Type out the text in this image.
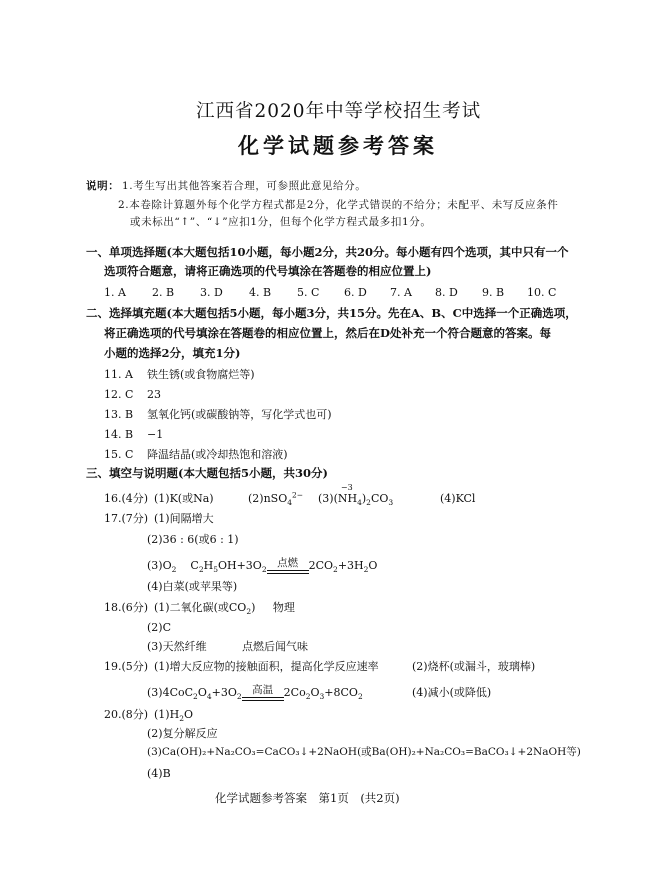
江西省2020年中等学校招生考试
化学试题参考答案
说明： 1.考生写出其他答案若合理，可参照此意见给分。
2.本卷除计算题外每个化学方程式都是2分，化学式错误的不给分；未配平、未写反应条件
或未标出“↑”、“↓”应扣1分，但每个化学方程式最多扣1分。
一、单项选择题(本大题包括10小题，每小题2分，共20分。每小题有四个选项，其中只有一个
选项符合题意，请将正确选项的代号填涂在答题卷的相应位置上)
1. A 2. B 3. D 4. B 5. C 6. D 7. A 8. D 9. B 10. C
二、选择填充题(本大题包括5小题，每小题3分，共15分。先在A、B、C中选择一个正确选项，
将正确选项的代号填涂在答题卷的相应位置上，然后在D处补充一个符合题意的答案。每
小题的选择2分，填充1分)
11. A 铁生锈(或食物腐烂等)
12. C 23
13. B 氢氧化钙(或碳酸钠等，写化学式也可)
14. B −1
15. C 降温结晶(或冷却热饱和溶液)
三、填空与说明题(本大题包括5小题，共30分)
16.(4分) (1)K(或Na)	(2)nSO$_4^{2-}$ (3)(
−3
$NH_4)_2CO_3$	(4)KCl
17.(7分) (1)间隔增大
(2)36 : 6(或6 : 1)
$(3)O_2$ $C_2H_5OH+3O_2$
点燃 $2CO_2+3H_2O$
(4)白菜(或苹果等)
18.(6分) (1)二氧化碳(或$CO_2$) 物理
(2)C
(3)天然纤维	点燃后闻气味
19.(5分) (1)增大反应物的接触面积，提高化学反应速率	(2)烧杯(或漏斗，玻璃棒)
$(3)4CoC_2O_4+3O_2$
高温 $2Co_2O_3+8CO_2$	(4)减小(或降低)
20.(8分) $(1)H_2O$
(2)复分解反应
(3)Ca(OH)₂+Na₂CO₃=CaCO₃↓+2NaOH(或Ba(OH)₂+Na₂CO₃=BaCO₃↓+2NaOH等)
(4)B
化学试题参考答案　第1页　(共2页)
